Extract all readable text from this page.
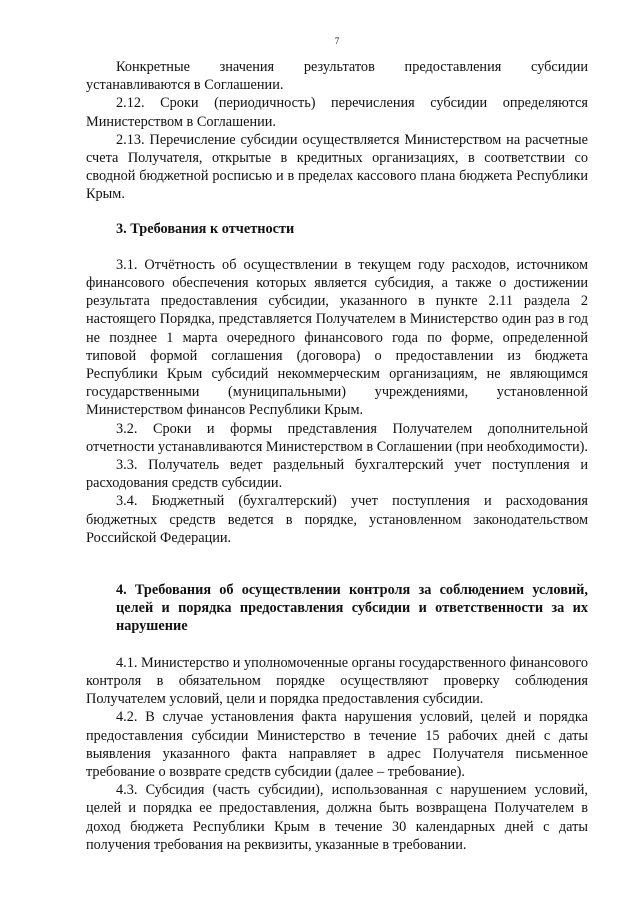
7

Конкретные значения результатов предоставления субсидии устанавливаются в Соглашении.

2.12. Сроки (периодичность) перечисления субсидии определяются Министерством в Соглашении.

2.13. Перечисление субсидии осуществляется Министерством на расчетные счета Получателя, открытые в кредитных организациях, в соответствии со сводной бюджетной росписью и в пределах кассового плана бюджета Республики Крым.

3. Требования к отчетности

3.1. Отчётность об осуществлении в текущем году расходов, источником финансового обеспечения которых является субсидия, а также о достижении результата предоставления субсидии, указанного в пункте 2.11 раздела 2 настоящего Порядка, представляется Получателем в Министерство один раз в год не позднее 1 марта очередного финансового года по форме, определенной типовой формой соглашения (договора) о предоставлении из бюджета Республики Крым субсидий некоммерческим организациям, не являющимся государственными (муниципальными) учреждениями, установленной Министерством финансов Республики Крым.

3.2. Сроки и формы представления Получателем дополнительной отчетности устанавливаются Министерством в Соглашении (при необходимости).

3.3. Получатель ведет раздельный бухгалтерский учет поступления и расходования средств субсидии.

3.4. Бюджетный (бухгалтерский) учет поступления и расходования бюджетных средств ведется в порядке, установленном законодательством Российской Федерации.

4. Требования об осуществлении контроля за соблюдением условий, целей и порядка предоставления субсидии и ответственности за их нарушение

4.1. Министерство и уполномоченные органы государственного финансового контроля в обязательном порядке осуществляют проверку соблюдения Получателем условий, цели и порядка предоставления субсидии.

4.2. В случае установления факта нарушения условий, целей и порядка предоставления субсидии Министерство в течение 15 рабочих дней с даты выявления указанного факта направляет в адрес Получателя письменное требование о возврате средств субсидии (далее – требование).

4.3. Субсидия (часть субсидии), использованная с нарушением условий, целей и порядка ее предоставления, должна быть возвращена Получателем в доход бюджета Республики Крым в течение 30 календарных дней с даты получения требования на реквизиты, указанные в требовании.
